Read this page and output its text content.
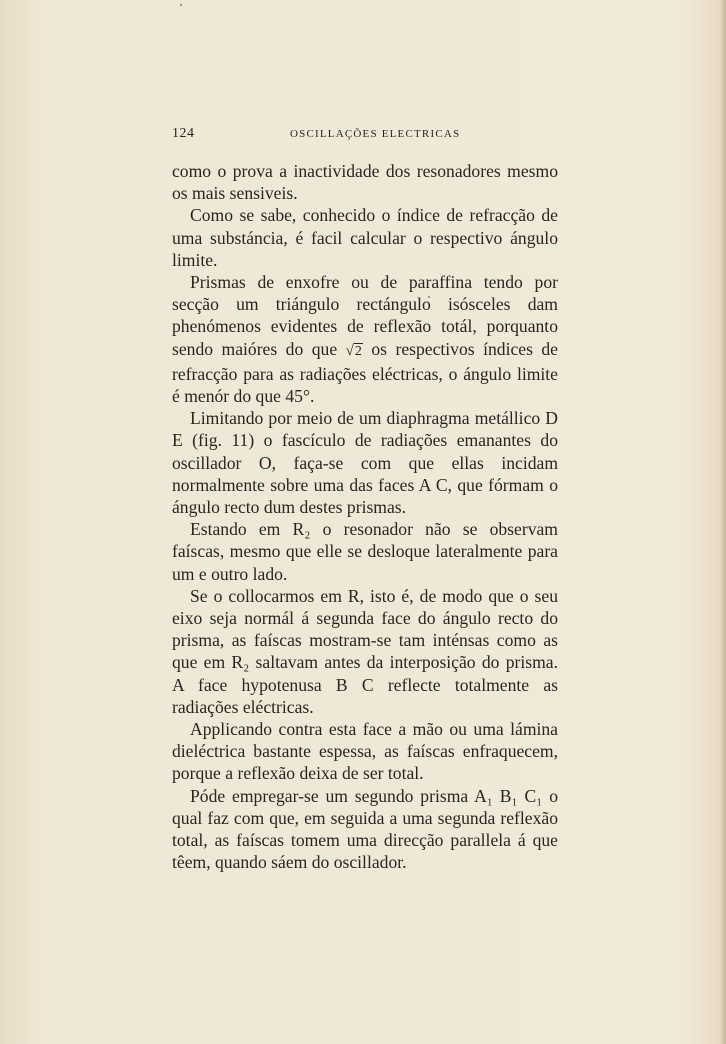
124	OSCILLAÇÕES ELECTRICAS

como o prova a inactividade dos resonadores mesmo os mais sensiveis.

Como se sabe, conhecido o índice de refracção de uma substáncia, é facil calcular o respectivo ángulo limite.

Prismas de enxofre ou de paraffina tendo por secção um triángulo rectángulo isósceles dam phenómenos evidentes de reflexão totál, porquanto sendo maióres do que √2 os respectivos índices de refracção para as radiações eléctricas, o ángulo limite é menór do que 45°.

Limitando por meio de um diaphragma metállico D E (fig. 11) o fascículo de radiações emanantes do oscillador O, faça-se com que ellas incidam normalmente sobre uma das faces A C, que fórmam o ángulo recto dum destes prismas.

Estando em R₂ o resonador não se observam faíscas, mesmo que elle se desloque lateralmente para um e outro lado.

Se o collocarmos em R, isto é, de modo que o seu eixo seja normál á segunda face do ángulo recto do prisma, as faíscas mostram-se tam inténsas como as que em R₂ saltavam antes da interposição do prisma. A face hypotenusa B C reflecte totalmente as radiações eléctricas.

Applicando contra esta face a mão ou uma lámina dieléctrica bastante espessa, as faíscas enfraquecem, porque a reflexão deixa de ser total.

Póde empregar-se um segundo prisma A₁ B₁ C₁ o qual faz com que, em seguida a uma segunda reflexão total, as faíscas tomem uma direcção parallela á que têem, quando sáem do oscillador.
